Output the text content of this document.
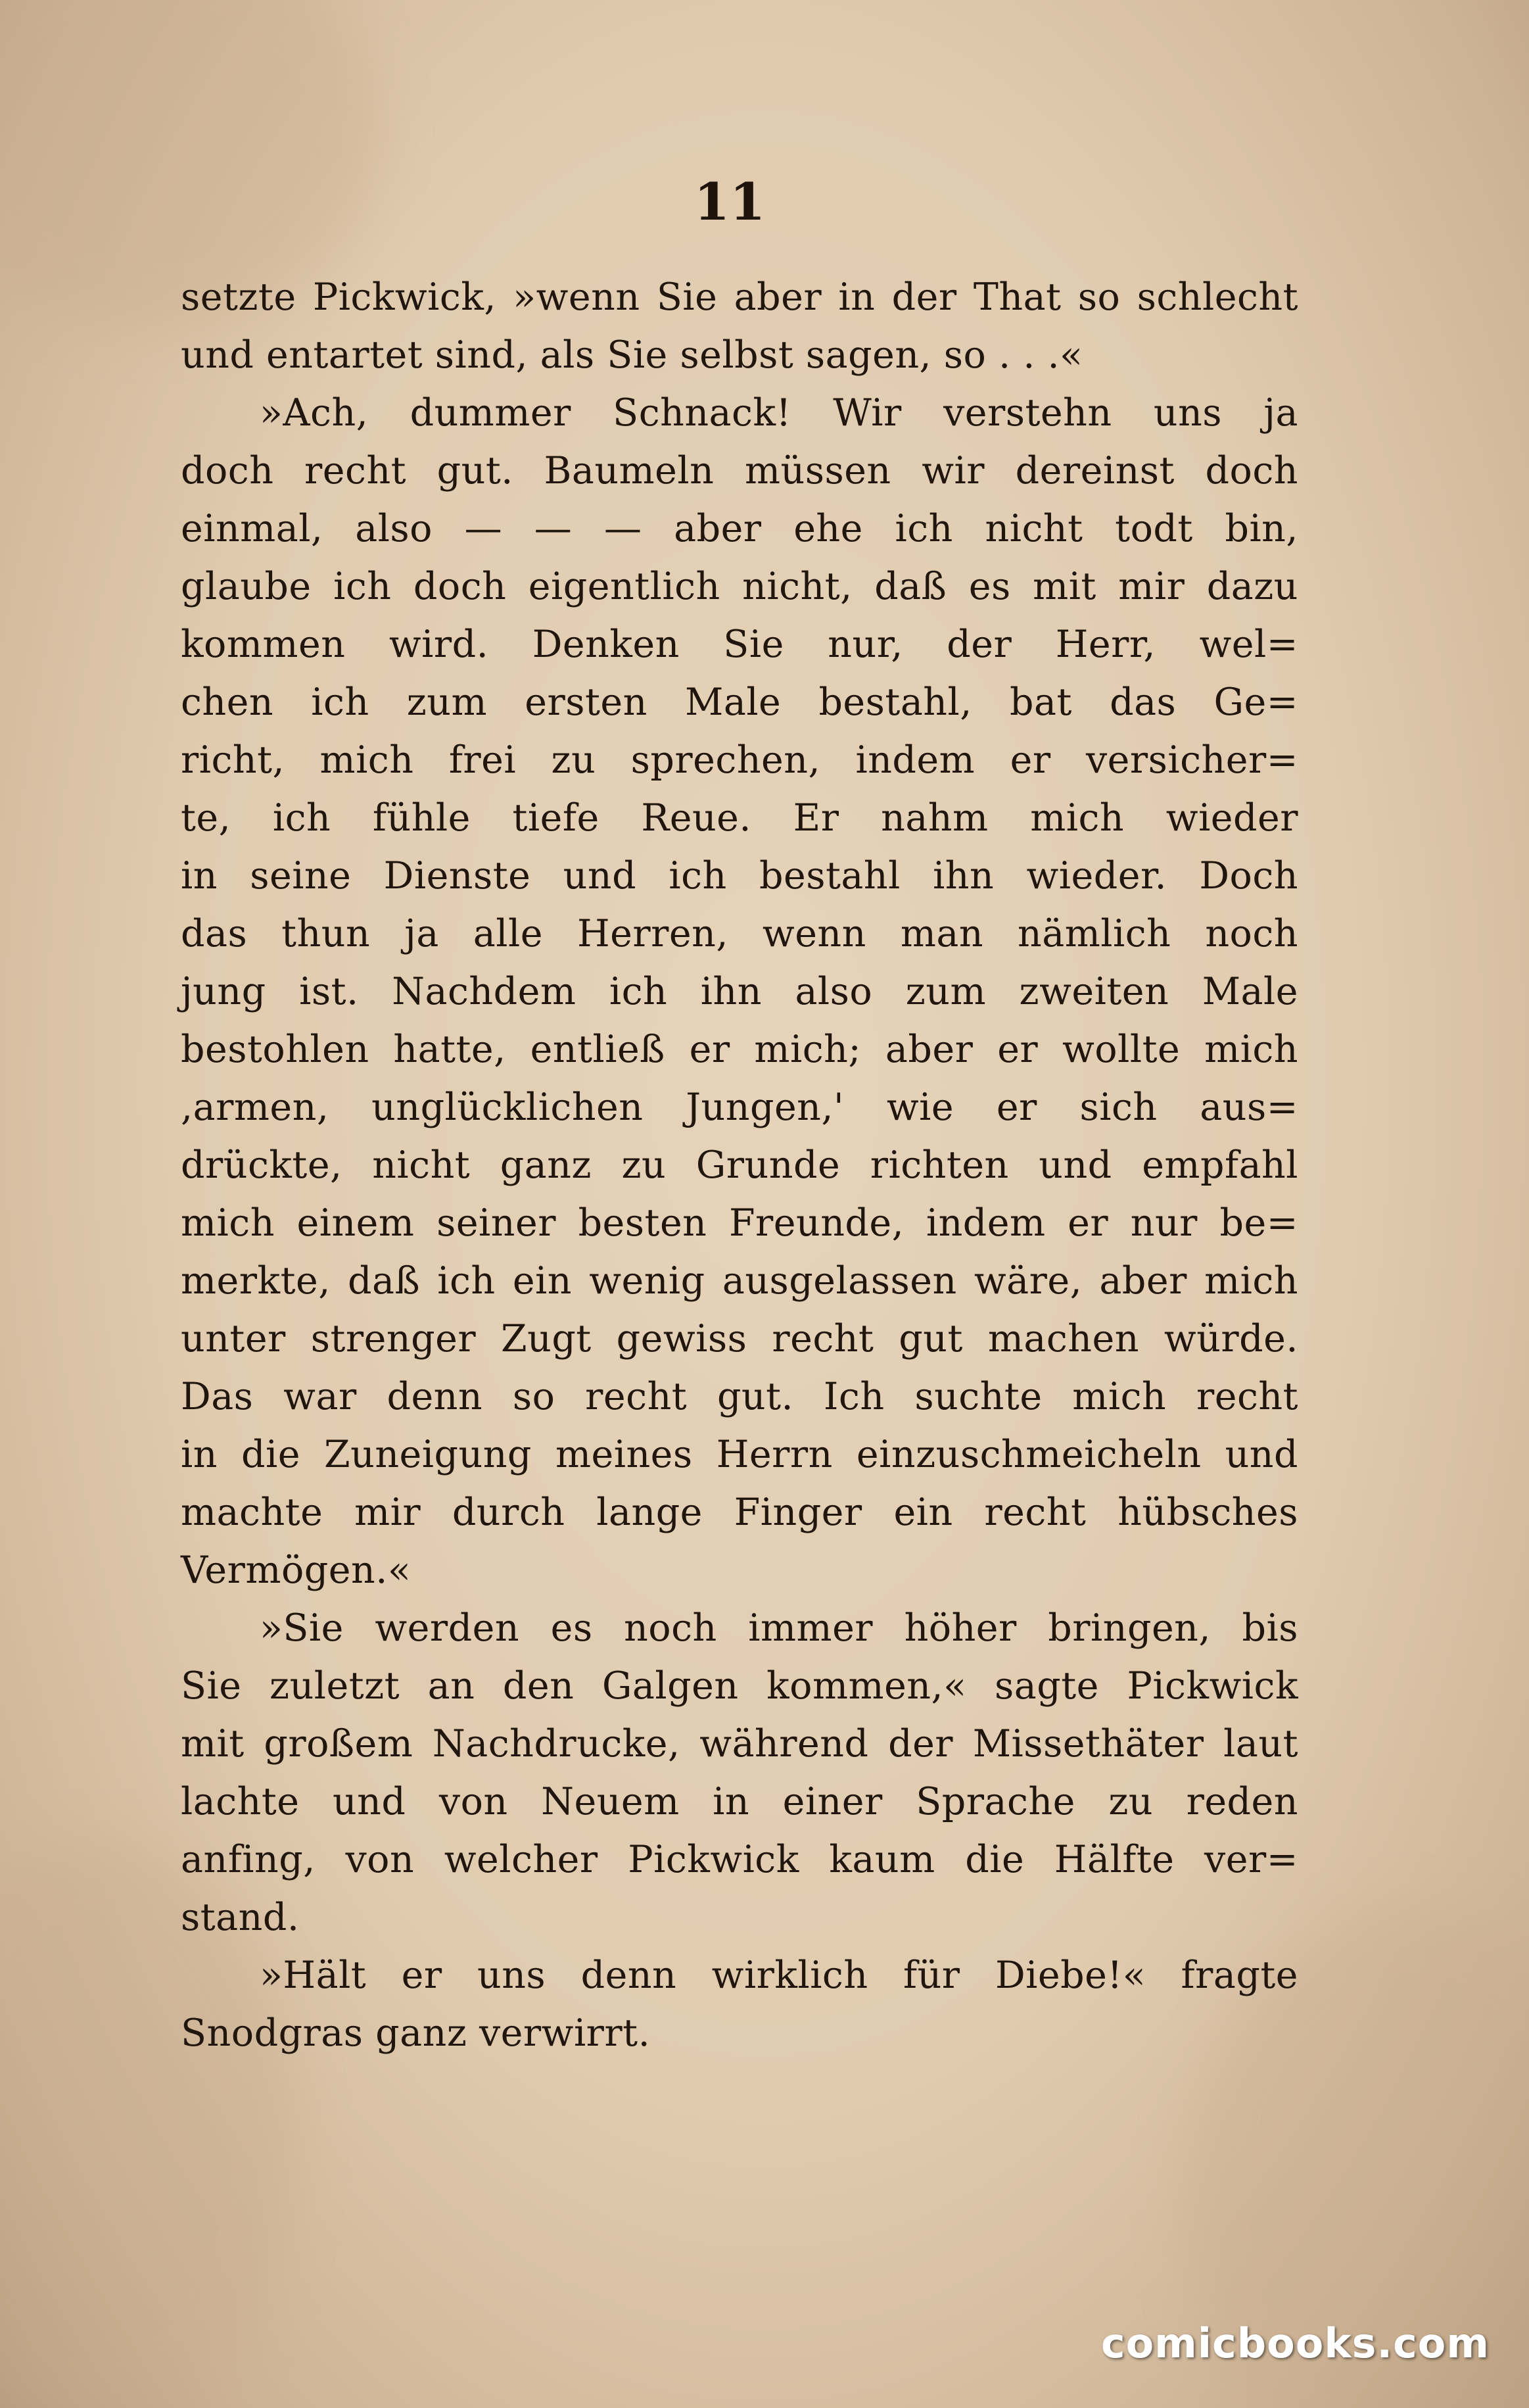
11
setzte Pickwick, »wenn Sie aber in der That so schlecht
und entartet sind, als Sie selbst sagen, so . . .«
»Ach, dummer Schnack! Wir verstehn uns ja
doch recht gut. Baumeln müssen wir dereinst doch
einmal, also — — — aber ehe ich nicht todt bin,
glaube ich doch eigentlich nicht, daß es mit mir dazu
kommen wird. Denken Sie nur, der Herr, wel=
chen ich zum ersten Male bestahl, bat das Ge=
richt, mich frei zu sprechen, indem er versicher=
te, ich fühle tiefe Reue. Er nahm mich wieder
in seine Dienste und ich bestahl ihn wieder. Doch
das thun ja alle Herren, wenn man nämlich noch
jung ist. Nachdem ich ihn also zum zweiten Male
bestohlen hatte, entließ er mich; aber er wollte mich
,armen, unglücklichen Jungen,' wie er sich aus=
drückte, nicht ganz zu Grunde richten und empfahl
mich einem seiner besten Freunde, indem er nur be=
merkte, daß ich ein wenig ausgelassen wäre, aber mich
unter strenger Zugt gewiss recht gut machen würde.
Das war denn so recht gut. Ich suchte mich recht
in die Zuneigung meines Herrn einzuschmeicheln und
machte mir durch lange Finger ein recht hübsches
Vermögen.«
»Sie werden es noch immer höher bringen, bis
Sie zuletzt an den Galgen kommen,« sagte Pickwick
mit großem Nachdrucke, während der Missethäter laut
lachte und von Neuem in einer Sprache zu reden
anfing, von welcher Pickwick kaum die Hälfte ver=
stand.
»Hält er uns denn wirklich für Diebe!« fragte
Snodgras ganz verwirrt.
comicbooks.com
